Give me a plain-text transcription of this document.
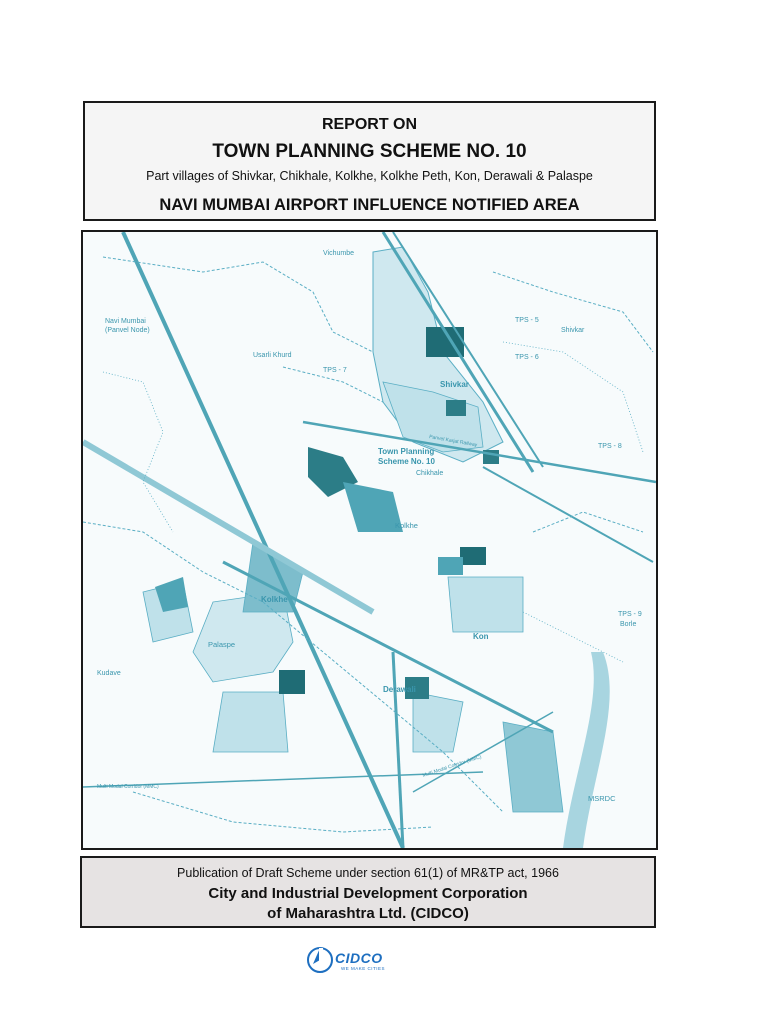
REPORT ON
TOWN PLANNING SCHEME NO. 10
Part villages of Shivkar, Chikhale, Kolkhe, Kolkhe Peth, Kon, Derawali & Palaspe
NAVI MUMBAI AIRPORT INFLUENCE NOTIFIED AREA
Vichumbe
Navi Mumbai
(Panvel Node)
Usarli Khurd
TPS - 7
TPS - 5
Shivkar
TPS - 6
Shivkar
TPS - 8
Town Planning
Scheme No. 10
Chikhale
Kolkhe
Kolkhe
Palaspe
Kon
Kudave
Derawali
TPS - 9
Borle
MSRDC
Multi Modal Corridor (MMC)
Multi Modal Corridor (MMC)
Panvel Karjat Railway
Publication of Draft Scheme under section 61(1) of MR&TP act, 1966
City and Industrial Development Corporation
of Maharashtra Ltd. (CIDCO)
CIDCO
WE MAKE CITIES
